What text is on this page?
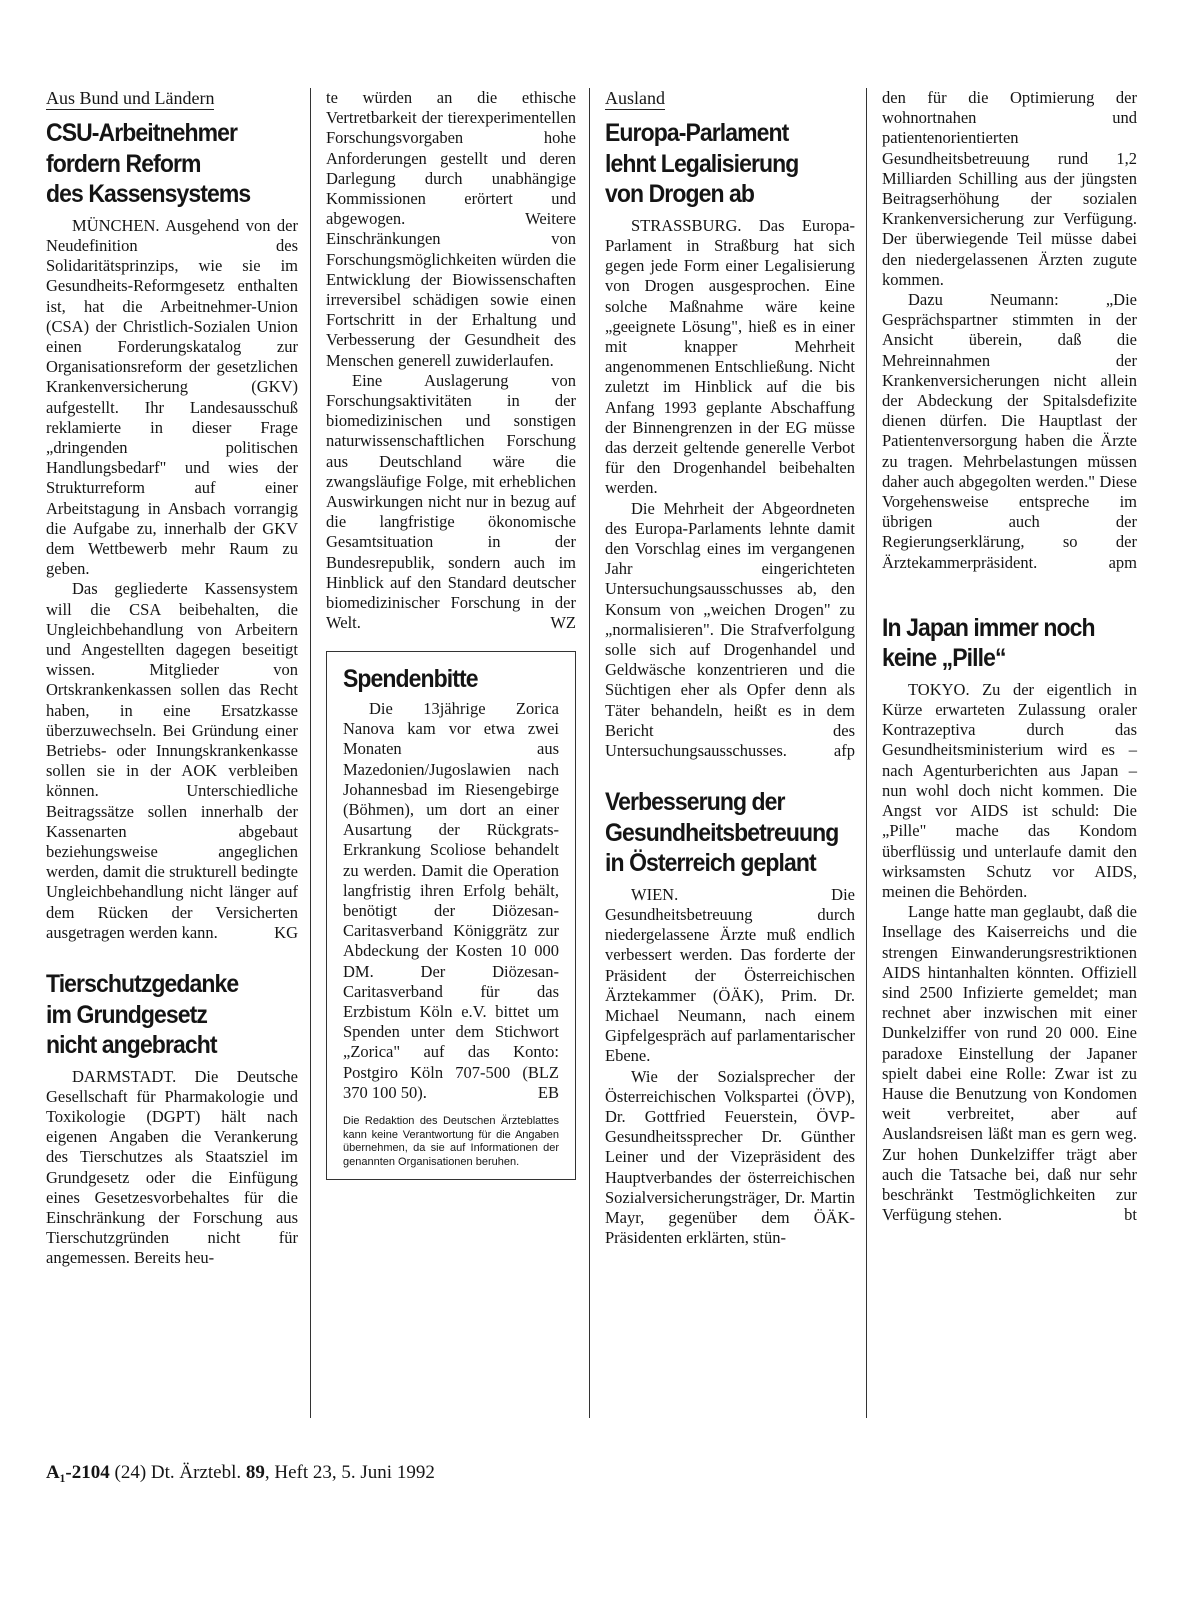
Aus Bund und Ländern
CSU-Arbeitnehmer
fordern Reform
des Kassensystems

MÜNCHEN. Ausgehend von der Neudefinition des Solidaritätsprinzips, wie sie im Gesundheits-Reformgesetz enthalten ist, hat die Arbeitnehmer-Union (CSA) der Christlich-Sozialen Union einen Forderungskatalog zur Organisationsreform der gesetzlichen Krankenversicherung (GKV) aufgestellt. Ihr Landesausschuß reklamierte in dieser Frage „dringenden politischen Handlungsbedarf" und wies der Strukturreform auf einer Arbeitstagung in Ansbach vorrangig die Aufgabe zu, innerhalb der GKV dem Wettbewerb mehr Raum zu geben.

Das gegliederte Kassensystem will die CSA beibehalten, die Ungleichbehandlung von Arbeitern und Angestellten dagegen beseitigt wissen. Mitglieder von Ortskrankenkassen sollen das Recht haben, in eine Ersatzkasse überzuwechseln. Bei Gründung einer Betriebs- oder Innungskrankenkasse sollen sie in der AOK verbleiben können. Unterschiedliche Beitragssätze sollen innerhalb der Kassenarten abgebaut beziehungsweise angeglichen werden, damit die strukturell bedingte Ungleichbehandlung nicht länger auf dem Rücken der Versicherten ausgetragen werden kann.	KG

Tierschutzgedanke
im Grundgesetz
nicht angebracht

DARMSTADT. Die Deutsche Gesellschaft für Pharmakologie und Toxikologie (DGPT) hält nach eigenen Angaben die Verankerung des Tierschutzes als Staatsziel im Grundgesetz oder die Einfügung eines Gesetzesvorbehaltes für die Einschränkung der Forschung aus Tierschutzgründen nicht für angemessen. Bereits heu-

te würden an die ethische Vertretbarkeit der tierexperimentellen Forschungsvorgaben hohe Anforderungen gestellt und deren Darlegung durch unabhängige Kommissionen erörtert und abgewogen. Weitere Einschränkungen von Forschungsmöglichkeiten würden die Entwicklung der Biowissenschaften irreversibel schädigen sowie einen Fortschritt in der Erhaltung und Verbesserung der Gesundheit des Menschen generell zuwiderlaufen.

Eine Auslagerung von Forschungsaktivitäten in der biomedizinischen und sonstigen naturwissenschaftlichen Forschung aus Deutschland wäre die zwangsläufige Folge, mit erheblichen Auswirkungen nicht nur in bezug auf die langfristige ökonomische Gesamtsituation in der Bundesrepublik, sondern auch im Hinblick auf den Standard deutscher biomedizinischer Forschung in der Welt.	WZ

Spendenbitte

Die 13jährige Zorica Nanova kam vor etwa zwei Monaten aus Mazedonien/Jugoslawien nach Johannesbad im Riesengebirge (Böhmen), um dort an einer Ausartung der Rückgrats-Erkrankung Scoliose behandelt zu werden. Damit die Operation langfristig ihren Erfolg behält, benötigt der Diözesan-Caritasverband Königgrätz zur Abdeckung der Kosten 10 000 DM. Der Diözesan-Caritasverband für das Erzbistum Köln e.V. bittet um Spenden unter dem Stichwort „Zorica" auf das Konto: Postgiro Köln 707-500 (BLZ 370 100 50).	EB

Die Redaktion des Deutschen Ärzteblattes kann keine Verantwortung für die Angaben übernehmen, da sie auf Informationen der genannten Organisationen beruhen.
Ausland
Europa-Parlament
lehnt Legalisierung
von Drogen ab

STRASSBURG. Das Europa-Parlament in Straßburg hat sich gegen jede Form einer Legalisierung von Drogen ausgesprochen. Eine solche Maßnahme wäre keine „geeignete Lösung", hieß es in einer mit knapper Mehrheit angenommenen Entschließung. Nicht zuletzt im Hinblick auf die bis Anfang 1993 geplante Abschaffung der Binnengrenzen in der EG müsse das derzeit geltende generelle Verbot für den Drogenhandel beibehalten werden.

Die Mehrheit der Abgeordneten des Europa-Parlaments lehnte damit den Vorschlag eines im vergangenen Jahr eingerichteten Untersuchungsausschusses ab, den Konsum von „weichen Drogen" zu „normalisieren". Die Strafverfolgung solle sich auf Drogenhandel und Geldwäsche konzentrieren und die Süchtigen eher als Opfer denn als Täter behandeln, heißt es in dem Bericht des Untersuchungsausschusses.	afp

Verbesserung der
Gesundheitsbetreuung
in Österreich geplant

WIEN. Die Gesundheitsbetreuung durch niedergelassene Ärzte muß endlich verbessert werden. Das forderte der Präsident der Österreichischen Ärztekammer (ÖÄK), Prim. Dr. Michael Neumann, nach einem Gipfelgespräch auf parlamentarischer Ebene.

Wie der Sozialsprecher der Österreichischen Volkspartei (ÖVP), Dr. Gottfried Feuerstein, ÖVP-Gesundheitssprecher Dr. Günther Leiner und der Vizepräsident des Hauptverbandes der österreichischen Sozialversicherungsträger, Dr. Martin Mayr, gegenüber dem ÖÄK-Präsidenten erklärten, stün-

den für die Optimierung der wohnortnahen und patientenorientierten Gesundheitsbetreuung rund 1,2 Milliarden Schilling aus der jüngsten Beitragserhöhung der sozialen Krankenversicherung zur Verfügung. Der überwiegende Teil müsse dabei den niedergelassenen Ärzten zugute kommen.

Dazu Neumann: „Die Gesprächspartner stimmten in der Ansicht überein, daß die Mehreinnahmen der Krankenversicherungen nicht allein der Abdeckung der Spitalsdefizite dienen dürfen. Die Hauptlast der Patientenversorgung haben die Ärzte zu tragen. Mehrbelastungen müssen daher auch abgegolten werden." Diese Vorgehensweise entspreche im übrigen auch der Regierungserklärung, so der Ärztekammerpräsident.	apm

In Japan immer noch
keine „Pille“

TOKYO. Zu der eigentlich in Kürze erwarteten Zulassung oraler Kontrazeptiva durch das Gesundheitsministerium wird es – nach Agenturberichten aus Japan – nun wohl doch nicht kommen. Die Angst vor AIDS ist schuld: Die „Pille" mache das Kondom überflüssig und unterlaufe damit den wirksamsten Schutz vor AIDS, meinen die Behörden.

Lange hatte man geglaubt, daß die Insellage des Kaiserreichs und die strengen Einwanderungsrestriktionen AIDS hintanhalten könnten. Offiziell sind 2500 Infizierte gemeldet; man rechnet aber inzwischen mit einer Dunkelziffer von rund 20 000. Eine paradoxe Einstellung der Japaner spielt dabei eine Rolle: Zwar ist zu Hause die Benutzung von Kondomen weit verbreitet, aber auf Auslandsreisen läßt man es gern weg. Zur hohen Dunkelziffer trägt aber auch die Tatsache bei, daß nur sehr beschränkt Testmöglichkeiten zur Verfügung stehen.	bt

A₁-2104 (24) Dt. Ärztebl. 89, Heft 23, 5. Juni 1992
